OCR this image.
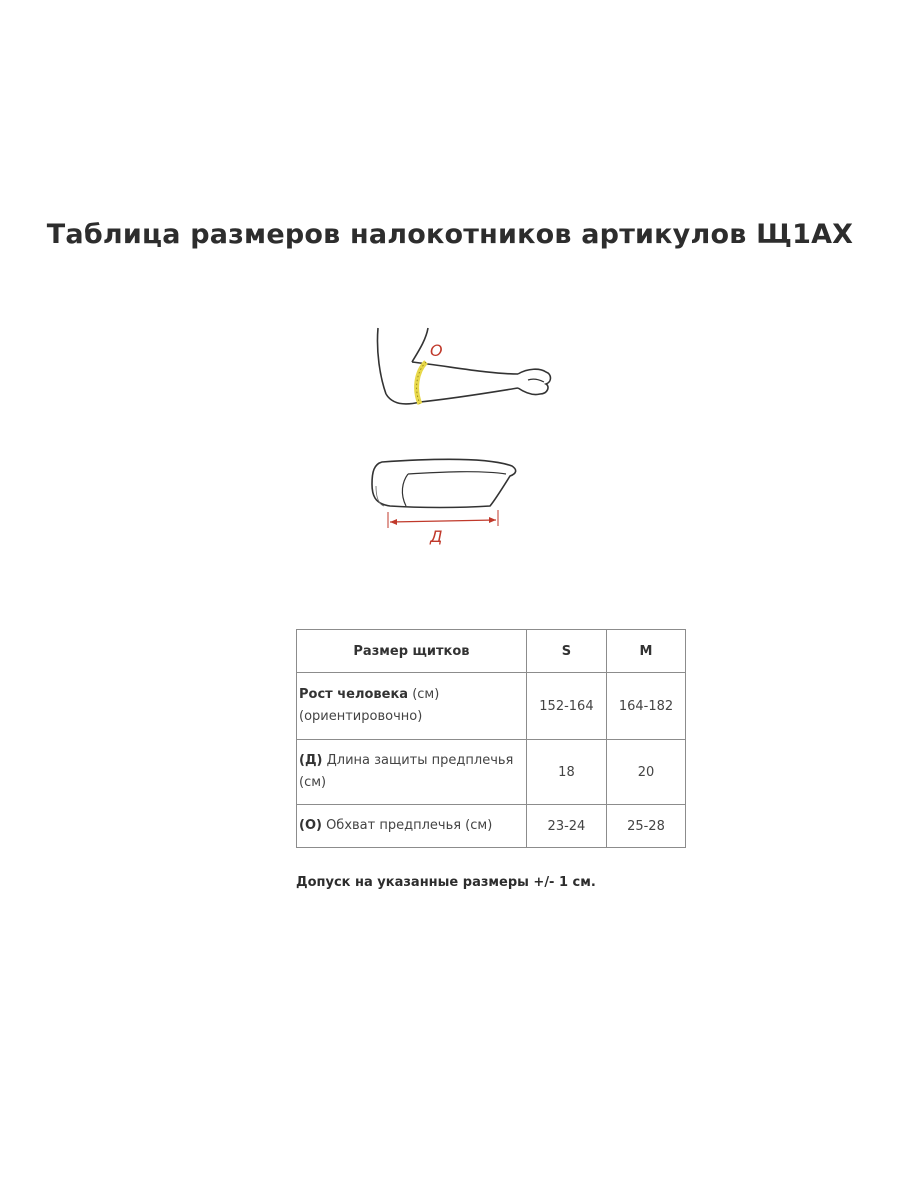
Таблица размеров налокотников артикулов Щ1АХ
О
Д
Размер щитков	S	M
Рост человека (см)
(ориентировочно)	152-164	164-182
(Д) Длина защиты предплечья
(см)	18	20
(О) Обхват предплечья (см)	23-24	25-28
Допуск на указанные размеры +/- 1 см.
